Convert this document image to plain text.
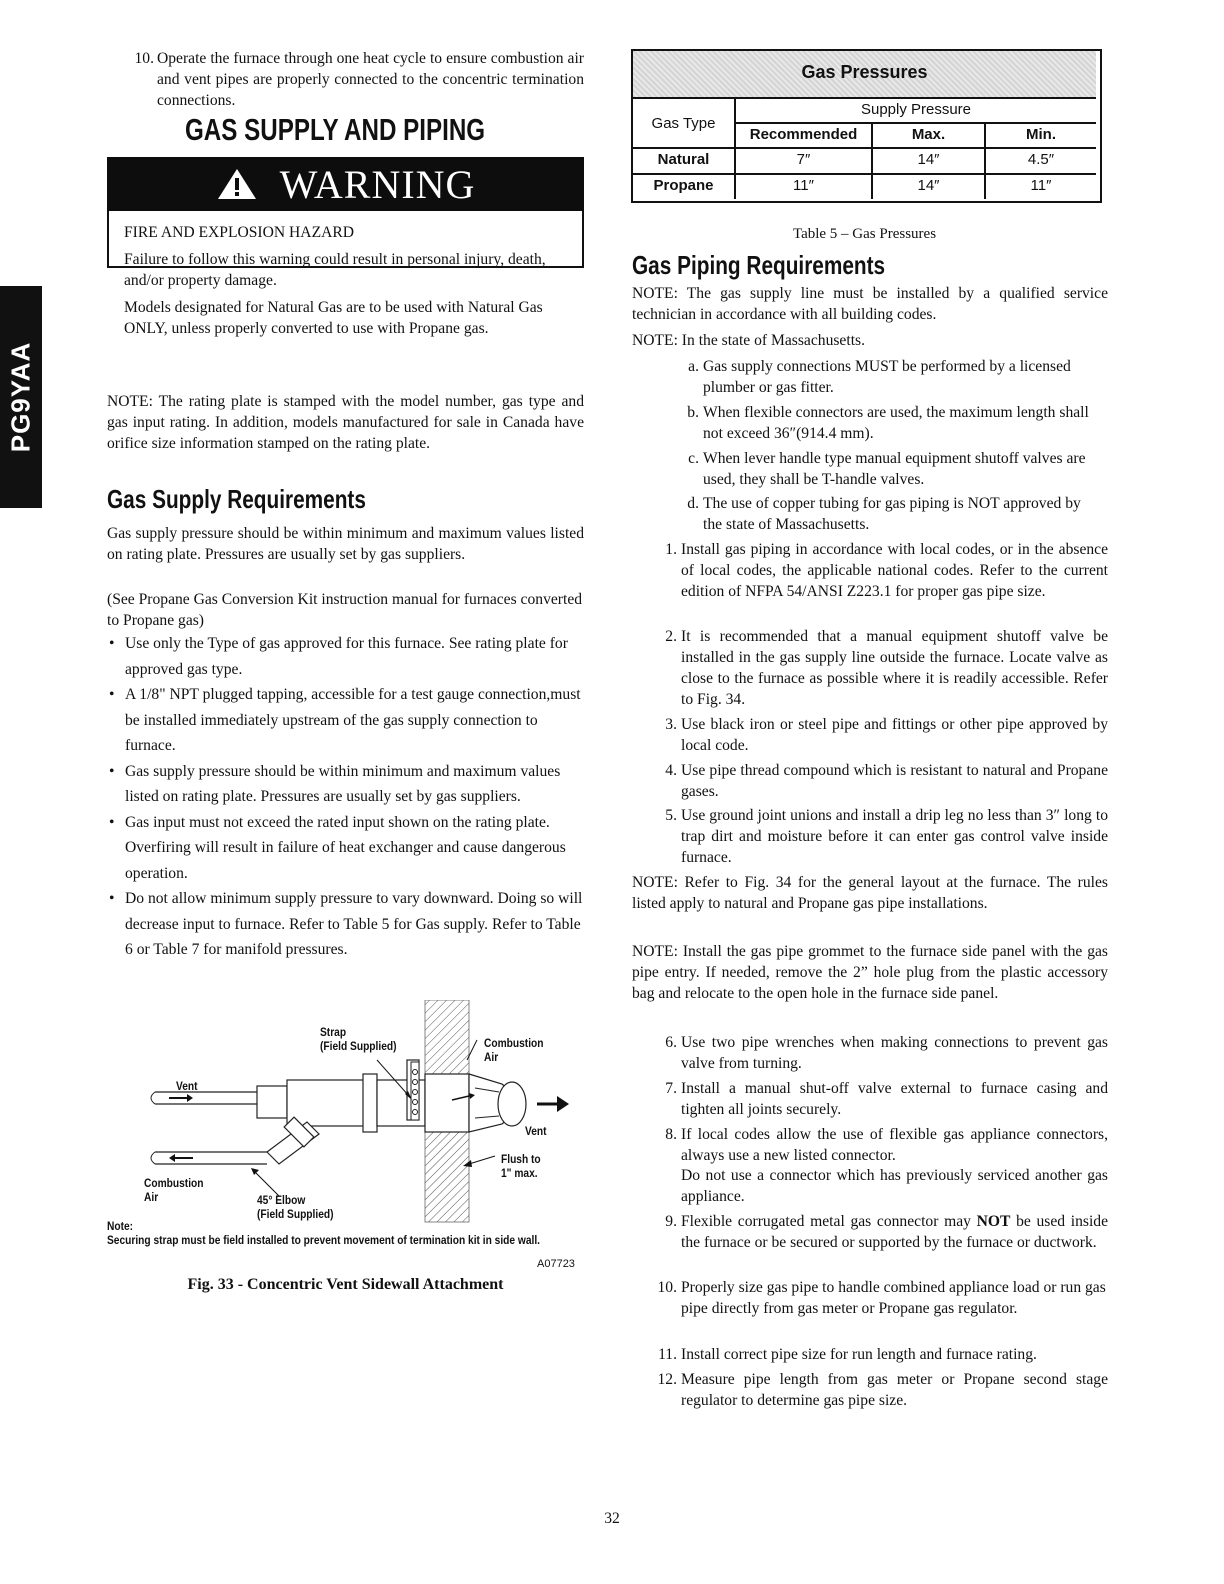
PG9YAA
10. Operate the furnace through one heat cycle to ensure combustion air and vent pipes are properly connected to the concentric termination connections.
GAS SUPPLY AND PIPING
WARNING
FIRE AND EXPLOSION HAZARD

Failure to follow this warning could result in personal injury, death, and/or property damage.

Models designated for Natural Gas are to be used with Natural Gas ONLY, unless properly converted to use with Propane gas.

NOTE: The rating plate is stamped with the model number, gas type and gas input rating. In addition, models manufactured for sale in Canada have orifice size information stamped on the rating plate.
Gas Supply Requirements
Gas supply pressure should be within minimum and maximum values listed on rating plate. Pressures are usually set by gas suppliers.
(See Propane Gas Conversion Kit instruction manual for furnaces converted to Propane gas)
• Use only the Type of gas approved for this furnace. See rating plate for approved gas type.
• A 1/8" NPT plugged tapping, accessible for a test gauge connection,must be installed immediately upstream of the gas supply connection to furnace.
• Gas supply pressure should be within minimum and maximum values listed on rating plate. Pressures are usually set by gas suppliers.
• Gas input must not exceed the rated input shown on the rating plate. Overfiring will result in failure of heat exchanger and cause dangerous operation.
• Do not allow minimum supply pressure to vary downward. Doing so will decrease input to furnace. Refer to Table 5 for Gas supply. Refer to Table 6 or Table 7 for manifold pressures.
Strap
(Field Supplied)	Combustion
Air
Vent
Vent
Flush to
1" max.
Combustion
Air	45° Elbow
(Field Supplied)
Note:
Securing strap must be field installed to prevent movement of termination kit in side wall.
A07723
Fig. 33 - Concentric Vent Sidewall Attachment
Gas Pressures
Gas Type
Supply Pressure
Recommended	Max.	Min.
Natural	7″	14″	4.5″
Propane	11″	14″	11″
Table 5 – Gas Pressures
Gas Piping Requirements
NOTE: The gas supply line must be installed by a qualified service technician in accordance with all building codes.
NOTE: In the state of Massachusetts.
a. Gas supply connections MUST be performed by a licensed plumber or gas fitter.
b. When flexible connectors are used, the maximum length shall not exceed 36″(914.4 mm).
c. When lever handle type manual equipment shutoff valves are used, they shall be T-handle valves.
d. The use of copper tubing for gas piping is NOT approved by the state of Massachusetts.
1. Install gas piping in accordance with local codes, or in the absence of local codes, the applicable national codes. Refer to the current edition of NFPA 54/ANSI Z223.1 for proper gas pipe size.
2. It is recommended that a manual equipment shutoff valve be installed in the gas supply line outside the furnace. Locate valve as close to the furnace as possible where it is readily accessible. Refer to Fig. 34.
3. Use black iron or steel pipe and fittings or other pipe approved by local code.
4. Use pipe thread compound which is resistant to natural and Propane gases.
5. Use ground joint unions and install a drip leg no less than 3″ long to trap dirt and moisture before it can enter gas control valve inside furnace.
NOTE: Refer to Fig. 34 for the general layout at the furnace. The rules listed apply to natural and Propane gas pipe installations.
NOTE: Install the gas pipe grommet to the furnace side panel with the gas pipe entry. If needed, remove the 2” hole plug from the plastic accessory bag and relocate to the open hole in the furnace side panel.
6. Use two pipe wrenches when making connections to prevent gas valve from turning.
7. Install a manual shut-off valve external to furnace casing and tighten all joints securely.
8. If local codes allow the use of flexible gas appliance connectors, always use a new listed connector.
Do not use a connector which has previously serviced another gas appliance.
9. Flexible corrugated metal gas connector may NOT be used inside the furnace or be secured or supported by the furnace or ductwork.
10. Properly size gas pipe to handle combined appliance load or run gas pipe directly from gas meter or Propane gas regulator.
11. Install correct pipe size for run length and furnace rating.
12. Measure pipe length from gas meter or Propane second stage regulator to determine gas pipe size.
32
